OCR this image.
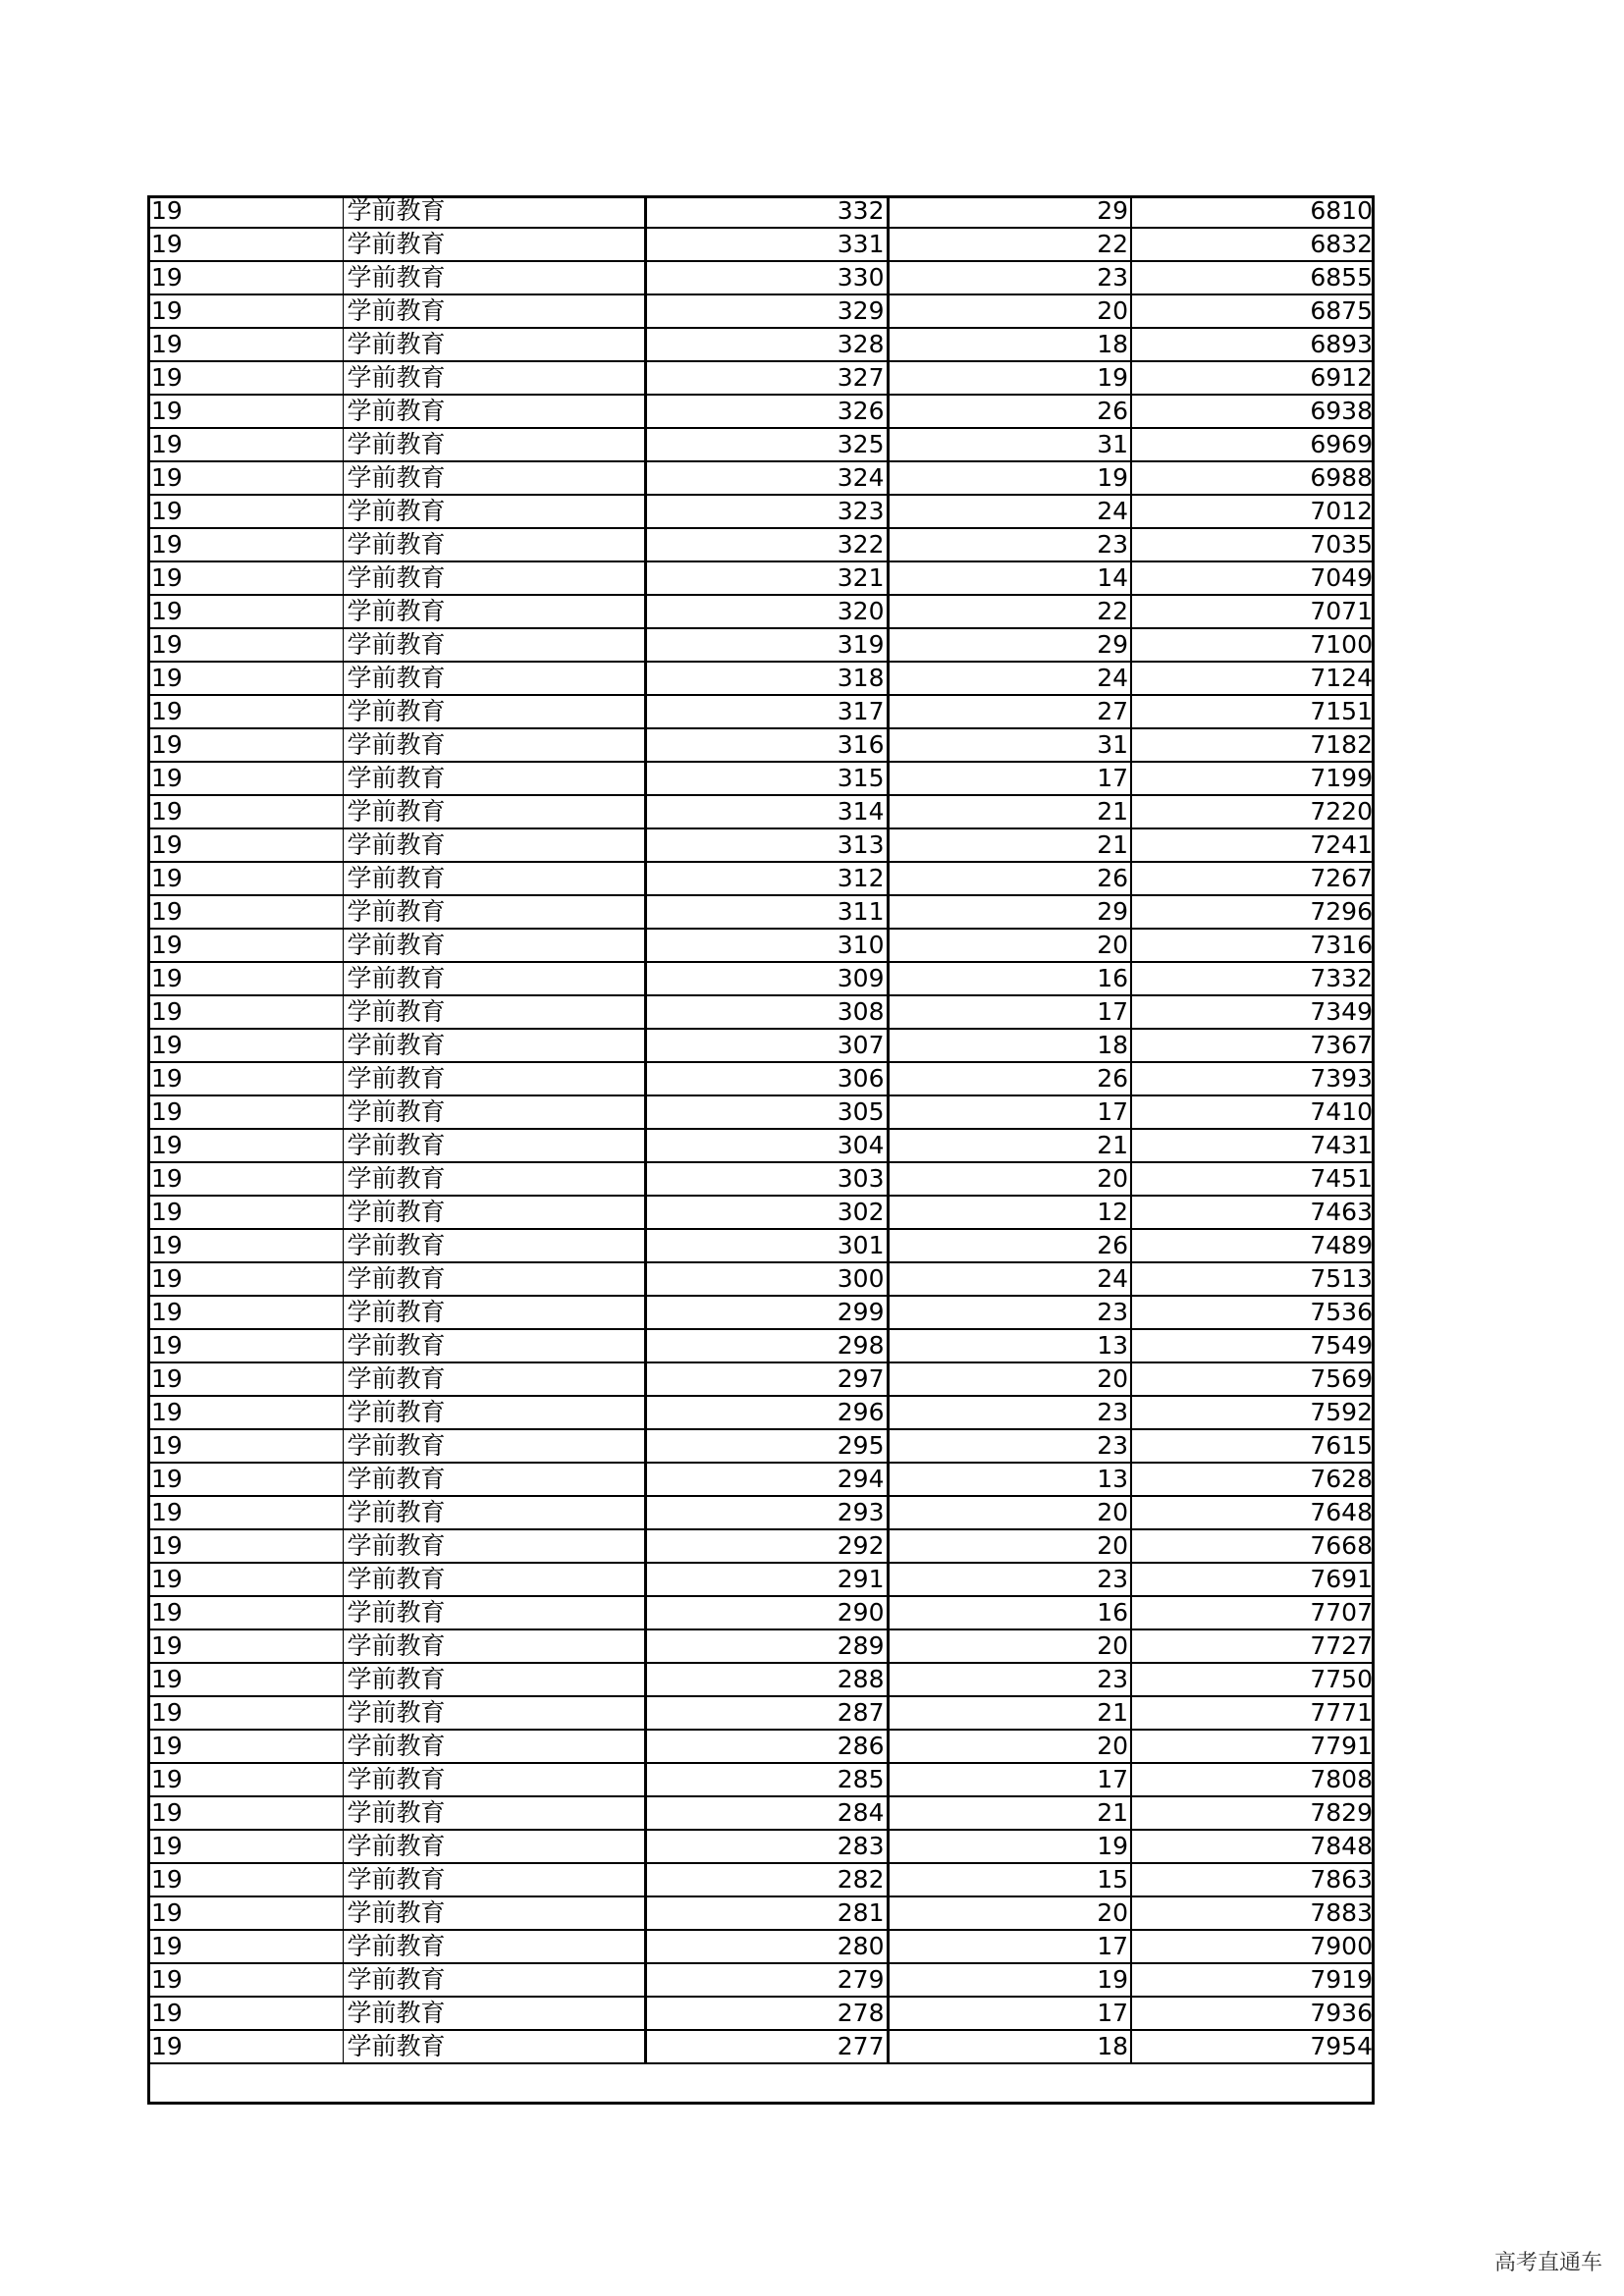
19	学前教育	332	29	6810
19	学前教育	331	22	6832
19	学前教育	330	23	6855
19	学前教育	329	20	6875
19	学前教育	328	18	6893
19	学前教育	327	19	6912
19	学前教育	326	26	6938
19	学前教育	325	31	6969
19	学前教育	324	19	6988
19	学前教育	323	24	7012
19	学前教育	322	23	7035
19	学前教育	321	14	7049
19	学前教育	320	22	7071
19	学前教育	319	29	7100
19	学前教育	318	24	7124
19	学前教育	317	27	7151
19	学前教育	316	31	7182
19	学前教育	315	17	7199
19	学前教育	314	21	7220
19	学前教育	313	21	7241
19	学前教育	312	26	7267
19	学前教育	311	29	7296
19	学前教育	310	20	7316
19	学前教育	309	16	7332
19	学前教育	308	17	7349
19	学前教育	307	18	7367
19	学前教育	306	26	7393
19	学前教育	305	17	7410
19	学前教育	304	21	7431
19	学前教育	303	20	7451
19	学前教育	302	12	7463
19	学前教育	301	26	7489
19	学前教育	300	24	7513
19	学前教育	299	23	7536
19	学前教育	298	13	7549
19	学前教育	297	20	7569
19	学前教育	296	23	7592
19	学前教育	295	23	7615
19	学前教育	294	13	7628
19	学前教育	293	20	7648
19	学前教育	292	20	7668
19	学前教育	291	23	7691
19	学前教育	290	16	7707
19	学前教育	289	20	7727
19	学前教育	288	23	7750
19	学前教育	287	21	7771
19	学前教育	286	20	7791
19	学前教育	285	17	7808
19	学前教育	284	21	7829
19	学前教育	283	19	7848
19	学前教育	282	15	7863
19	学前教育	281	20	7883
19	学前教育	280	17	7900
19	学前教育	279	19	7919
19	学前教育	278	17	7936
19	学前教育	277	18	7954
高考直通车
